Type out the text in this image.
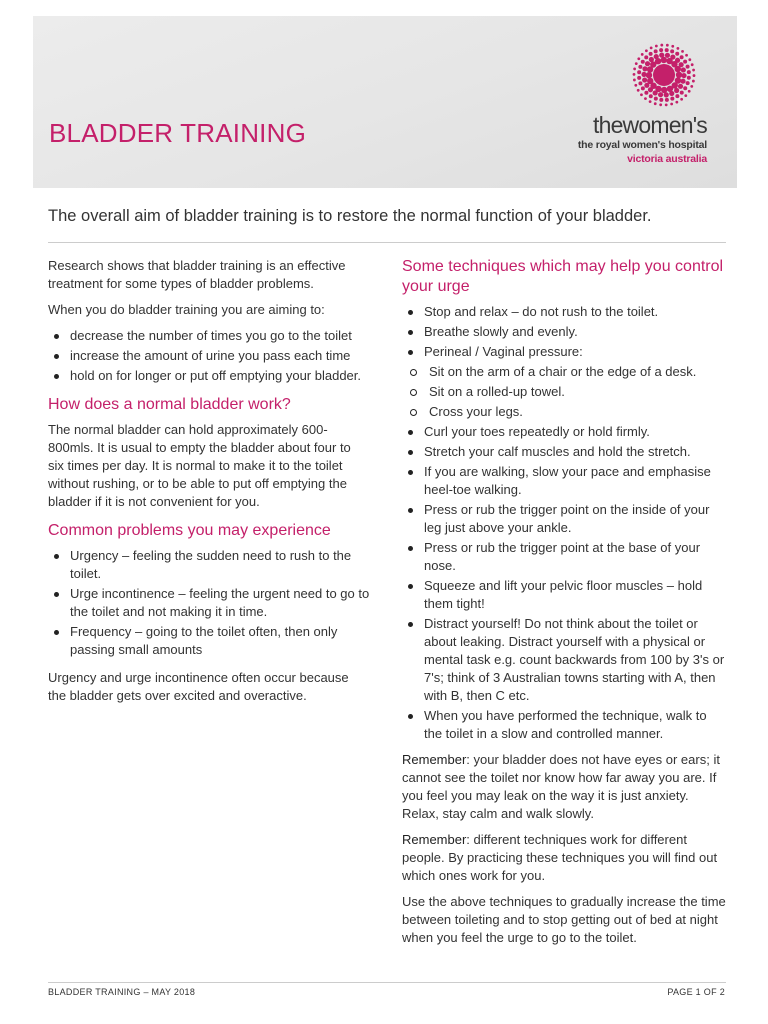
BLADDER TRAINING	thewomen's
the royal women's hospital
victoria australia

The overall aim of bladder training is to restore the normal function of your bladder.

Research shows that bladder training is an effective treatment for some types of bladder problems.

When you do bladder training you are aiming to:

decrease the number of times you go to the toilet
increase the amount of urine you pass each time
hold on for longer or put off emptying your bladder.
How does a normal bladder work?

The normal bladder can hold approximately 600-800mls. It is usual to empty the bladder about four to six times per day. It is normal to make it to the toilet without rushing, or to be able to put off emptying the bladder if it is not convenient for you.

Common problems you may experience
Urgency – feeling the sudden need to rush to the toilet.
Urge incontinence – feeling the urgent need to go to the toilet and not making it in time.
Frequency – going to the toilet often, then only passing small amounts

Urgency and urge incontinence often occur because the bladder gets over excited and overactive.

Some techniques which may help you control your urge
Stop and relax – do not rush to the toilet.
Breathe slowly and evenly.
Perineal / Vaginal pressure:
Sit on the arm of a chair or the edge of a desk.
Sit on a rolled-up towel.
Cross your legs.
Curl your toes repeatedly or hold firmly.
Stretch your calf muscles and hold the stretch.
If you are walking, slow your pace and emphasise heel-toe walking.
Press or rub the trigger point on the inside of your leg just above your ankle.
Press or rub the trigger point at the base of your nose.
Squeeze and lift your pelvic floor muscles – hold them tight!
Distract yourself! Do not think about the toilet or about leaking. Distract yourself with a physical or mental task e.g. count backwards from 100 by 3's or 7's; think of 3 Australian towns starting with A, then with B, then C etc.
When you have performed the technique, walk to the toilet in a slow and controlled manner.

Remember: your bladder does not have eyes or ears; it cannot see the toilet nor know how far away you are. If you feel you may leak on the way it is just anxiety. Relax, stay calm and walk slowly.

Remember: different techniques work for different people. By practicing these techniques you will find out which ones work for you.

Use the above techniques to gradually increase the time between toileting and to stop getting out of bed at night when you feel the urge to go to the toilet.

BLADDER TRAINING – MAY 2018	PAGE 1 OF 2
